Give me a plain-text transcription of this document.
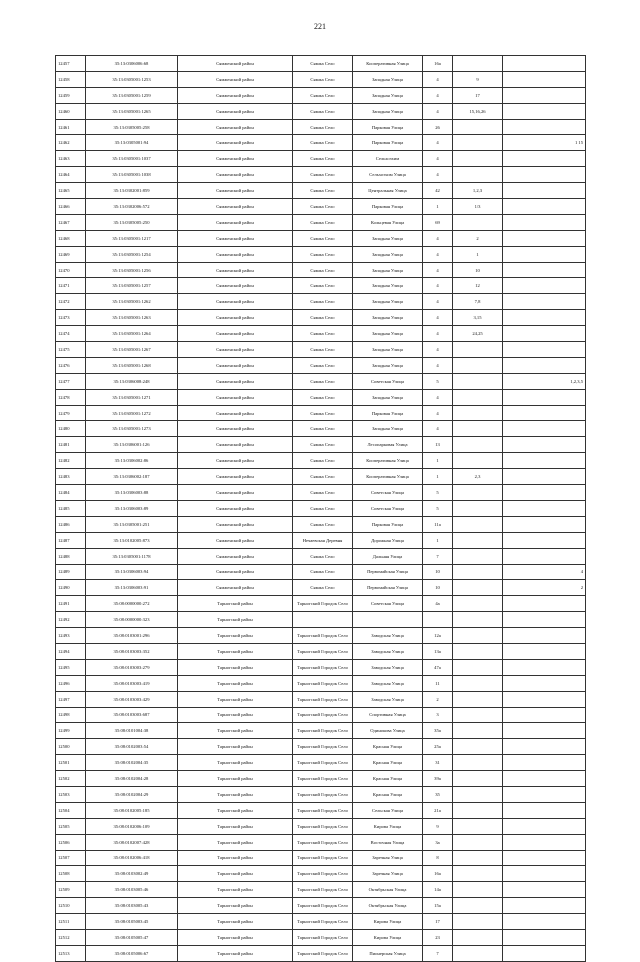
221
12457	35:13:0306006:68	Сямженский район	Сямжа Село	Кооперативная Улица	16а		
12458	35:13:0305001:1253	Сямженский район	Сямжа Село	Западная Улица	4	9	
12459	35:13:0305001:1259	Сямженский район	Сямжа Село	Западная Улица	4	17	
12460	35:13:0305001:1265	Сямженский район	Сямжа Село	Западная Улица	4	15,16,26	
12461	35:13:0305005:258	Сямженский район	Сямжа Село	Парковая Улица	26		
12462	35:13:0305001:94	Сямженский район	Сямжа Село	Парковая Улица	4		1 15
12463	35:13:0305001:1037	Сямженский район	Сямжа Село	Сельхозхим	4		
12464	35:13:0305001:1038	Сямженский район	Сямжа Село	Сельхозхим Улица	4		
12465	35:13:0302001:859	Сямженский район	Сямжа Село	Центральная Улица	42	1,2,3	
12466	35:13:0302006:572	Сямженский район	Сямжа Село	Парковая Улица	1	1/3	
12467	35:13:0305005:250	Сямженский район	Сямжа Село	Кольцевая Улица	69		
12468	35:13:0305001:1217	Сямженский район	Сямжа Село	Западная Улица	4	2	
12469	35:13:0305001:1254	Сямженский район	Сямжа Село	Западная Улица	4	1	
12470	35:13:0305001:1256	Сямженский район	Сямжа Село	Западная Улица	4	10	
12471	35:13:0305001:1257	Сямженский район	Сямжа Село	Западная Улица	4	12	
12472	35:13:0305001:1262	Сямженский район	Сямжа Село	Западная Улица	4	7,8	
12473	35:13:0305001:1263	Сямженский район	Сямжа Село	Западная Улица	4	3,15	
12474	35:13:0305001:1264	Сямженский район	Сямжа Село	Западная Улица	4	24,25	
12475	35:13:0305001:1267	Сямженский район	Сямжа Село	Западная Улица	4		
12476	35:13:0305001:1268	Сямженский район	Сямжа Село	Западная Улица	4		
12477	35:13:0306008:248	Сямженский район	Сямжа Село	Советская Улица	5		1,2,3,5
12478	35:13:0305001:1271	Сямженский район	Сямжа Село	Западная Улица	4		
12479	35:13:0305001:1272	Сямженский район	Сямжа Село	Парковая Улица	4		
12480	35:13:0305001:1273	Сямженский район	Сямжа Село	Западная Улица	4		
12481	35:13:0306001:126	Сямженский район	Сямжа Село	Лесопарковая Улица	13		
12482	35:13:0306002:86	Сямженский район	Сямжа Село	Кооперативная Улица	1		
12483	35:13:0306002:187	Сямженский район	Сямжа Село	Кооперативная Улица	1	2,3	
12484	35:13:0306003:88	Сямженский район	Сямжа Село	Советская Улица	5		
12485	35:13:0306003:89	Сямженский район	Сямжа Село	Советская Улица	5		
12486	35:13:0305001:251	Сямженский район	Сямжа Село	Парковая Улица	11а		
12487	35:13:0102005:873	Сямженский район	Нечаевская Деревня	Дорожная Улица	1		
12488	35:13:0305001:1178	Сямженский район	Сямжа Село	Дальняя Улица	7		
12489	35:13:0306003:94	Сямженский район	Сямжа Село	Первомайская Улица	10		4
12490	35:13:0306003:91	Сямженский район	Сямжа Село	Первомайская Улица	10		2
12491	35:08:0000000:272	Тарногский район	Тарногский Городок Село	Советская Улица	4а		
12492	35:08:0000000:323	Тарногский район					
12493	35:08:0103001:296	Тарногский район	Тарногский Городок Село	Заводская Улица	12а		
12494	35:08:0103003:352	Тарногский район	Тарногский Городок Село	Заводская Улица	13а		
12495	35:08:0103003:279	Тарногский район	Тарногский Городок Село	Заводская Улица	47а		
12496	35:08:0103003:419	Тарногский район	Тарногский Городок Село	Заводская Улица	11		
12497	35:08:0103003:429	Тарногский район	Тарногский Городок Село	Заводская Улица	2		
12498	35:08:0103003:687	Тарногский район	Тарногский Городок Село	Спортивная Улица	3		
12499	35:08:0101004:38	Тарногский район	Тарногский Городок Село	Одинокова Улица	35а		
12500	35:08:0102003:54	Тарногский район	Тарногский Городок Село	Красная Улица	25а		
12501	35:08:0102004:35	Тарногский район	Тарногский Городок Село	Красная Улица	31		
12502	35:08:0102004:28	Тарногский район	Тарногский Городок Село	Красная Улица	39а		
12503	35:08:0102004:29	Тарногский район	Тарногский Городок Село	Красная Улица	35		
12504	35:08:0102005:185	Тарногский район	Тарногский Городок Село	Сельская Улица	21а		
12505	35:08:0102006:109	Тарногский район	Тарногский Городок Село	Кирова Улица	9		
12506	35:08:0102007:428	Тарногский район	Тарногский Городок Село	Восточная Улица	3а		
12507	35:08:0102006:418	Тарногский район	Тарногский Городок Село	Заречная Улица	8		
12508	35:08:0103002:49	Тарногский район	Тарногский Городок Село	Заречная Улица	16а		
12509	35:08:0103005:46	Тарногский район	Тарногский Городок Село	Октябрьская Улица	14а		
12510	35:08:0103005:43	Тарногский район	Тарногский Городок Село	Октябрьская Улица	15а		
12511	35:08:0105003:45	Тарногский район	Тарногский Городок Село	Кирова Улица	17		
12512	35:08:0105005:47	Тарногский район	Тарногский Городок Село	Кирова Улица	23		
12513	35:08:0105006:67	Тарногский район	Тарногский Городок Село	Пионерская Улица	7		
